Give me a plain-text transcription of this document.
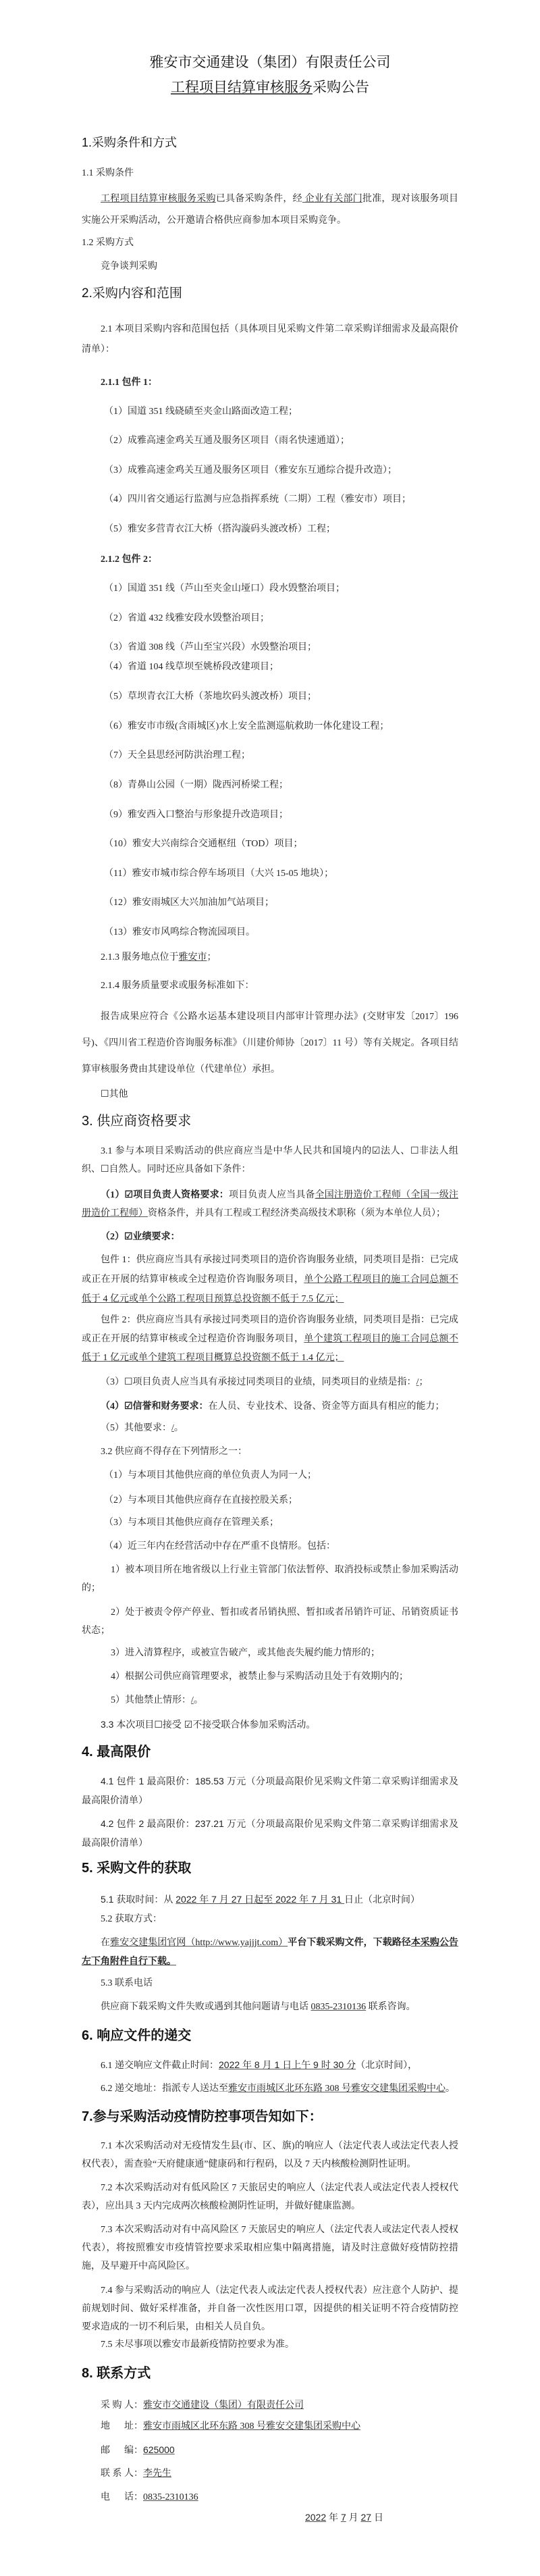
雅安市交通建设（集团）有限责任公司
工程项目结算审核服务采购公告
1.采购条件和方式
1.1 采购条件
工程项目结算审核服务采购已具备采购条件，经 企业有关部门批准，现对该服务项目实施公开采购活动，公开邀请合格供应商参加本项目采购竞争。
1.2 采购方式
竞争谈判采购
2.采购内容和范围
2.1 本项目采购内容和范围包括（具体项目见采购文件第二章采购详细需求及最高限价清单）：
2.1.1 包件 1：
（1）国道 351 线硗碛至夹金山路面改造工程；
（2）成雅高速金鸡关互通及服务区项目（雨名快速通道）；
（3）成雅高速金鸡关互通及服务区项目（雅安东互通综合提升改造）；
（4）四川省交通运行监测与应急指挥系统（二期）工程（雅安市）项目；
（5）雅安多营青衣江大桥（搭沟漩码头渡改桥）工程；
2.1.2 包件 2：
（1）国道 351 线（芦山至夹金山垭口）段水毁整治项目；
（2）省道 432 线雅安段水毁整治项目；
（3）省道 308 线（芦山至宝兴段）水毁整治项目；
（4）省道 104 线草坝至姚桥段改建项目；
（5）草坝青衣江大桥（茶地坎码头渡改桥）项目；
（6）雅安市市级(含雨城区)水上安全监测巡航救助一体化建设工程；
（7）天全县思经河防洪治理工程；
（8）青鼻山公园（一期）陇西河桥梁工程；
（9）雅安西入口整治与形象提升改造项目；
（10）雅安大兴南综合交通枢纽（TOD）项目；
（11）雅安市城市综合停车场项目（大兴 15-05 地块）；
（12）雅安雨城区大兴加油加气站项目；
（13）雅安市风鸣综合物流园项目。
2.1.3 服务地点位于雅安市；
2.1.4 服务质量要求或服务标准如下：
报告成果应符合《公路水运基本建设项目内部审计管理办法》(交财审发〔2017〕196 号)、《四川省工程造价咨询服务标准》（川建价师协〔2017〕11 号）等有关规定。各项目结算审核服务费由其建设单位（代建单位）承担。
☐其他
3. 供应商资格要求
3.1 参与本项目采购活动的供应商应当是中华人民共和国境内的☑法人、☐非法人组织、☐自然人。同时还应具备如下条件：
（1）☑项目负责人资格要求：项目负责人应当具备全国注册造价工程师（全国一级注册造价工程师）资格条件，并具有工程或工程经济类高级技术职称（须为本单位人员）；
（2）☑业绩要求：
包件 1：供应商应当具有承接过同类项目的造价咨询服务业绩，同类项目是指：已完成或正在开展的结算审核或全过程造价咨询服务项目，单个公路工程项目的施工合同总额不低于 4 亿元或单个公路工程项目预算总投资额不低于 7.5 亿元；
包件 2：供应商应当具有承接过同类项目的造价咨询服务业绩，同类项目是指：已完成或正在开展的结算审核或全过程造价咨询服务项目，单个建筑工程项目的施工合同总额不低于 1 亿元或单个建筑工程项目概算总投资额不低于 1.4 亿元；
（3）☐项目负责人应当具有承接过同类项目的业绩，同类项目的业绩是指：/；
（4）☑信誉和财务要求：在人员、专业技术、设备、资金等方面具有相应的能力；
（5）其他要求：/。
3.2 供应商不得存在下列情形之一：
（1）与本项目其他供应商的单位负责人为同一人；
（2）与本项目其他供应商存在直接控股关系；
（3）与本项目其他供应商存在管理关系；
（4）近三年内在经营活动中存在严重不良情形。包括：
1）被本项目所在地省级以上行业主管部门依法暂停、取消投标或禁止参加采购活动的；
2）处于被责令停产停业、暂扣或者吊销执照、暂扣或者吊销许可证、吊销资质证书状态；
3）进入清算程序，或被宣告破产，或其他丧失履约能力情形的；
4）根据公司供应商管理要求，被禁止参与采购活动且处于有效期内的；
5）其他禁止情形：/。
3.3 本次项目☐接受 ☑不接受联合体参加采购活动。
4. 最高限价
4.1 包件 1 最高限价：185.53 万元（分项最高限价见采购文件第二章采购详细需求及最高限价清单）
4.2 包件 2 最高限价：237.21 万元（分项最高限价见采购文件第二章采购详细需求及最高限价清单）
5. 采购文件的获取
5.1 获取时间：从 2022 年 7 月 27 日起至 2022 年 7 月 31 日止（北京时间）
5.2 获取方式：
在雅安交建集团官网（http://www.yajjjt.com）平台下载采购文件，下载路径本采购公告左下角附件自行下载。
5.3 联系电话
供应商下载采购文件失败或遇到其他问题请与电话 0835-2310136 联系咨询。
6. 响应文件的递交
6.1 递交响应文件截止时间：2022 年 8 月 1 日上午 9 时 30 分（北京时间），
6.2 递交地址：指派专人送达至雅安市雨城区北环东路 308 号雅安交建集团采购中心。
7.参与采购活动疫情防控事项告知如下：
7.1 本次采购活动对无疫情发生县(市、区、旗)的响应人（法定代表人或法定代表人授权代表），需查验“天府健康通”健康码和行程码，以及 7 天内核酸检测阴性证明。
7.2 本次采购活动对有低风险区 7 天旅居史的响应人（法定代表人或法定代表人授权代表），应出具 3 天内完成两次核酸检测阴性证明，并做好健康监测。
7.3 本次采购活动对有中高风险区 7 天旅居史的响应人（法定代表人或法定代表人授权代表），将按照雅安市疫情管控要求采取相应集中隔离措施，请及时注意做好疫情防控措施，及早避开中高风险区。
7.4 参与采购活动的响应人（法定代表人或法定代表人授权代表）应注意个人防护、提前规划时间、做好采样准备，并自备一次性医用口罩，因提供的相关证明不符合疫情防控要求造成的一切不利后果，由相关人员自负。
7.5 未尽事项以雅安市最新疫情防控要求为准。
8. 联系方式
采 购 人：雅安市交通建设（集团）有限责任公司
地      址：雅安市雨城区北环东路 308 号雅安交建集团采购中心
邮      编：625000
联 系 人：李先生
电      话：0835-2310136
2022 年 7 月 27 日
